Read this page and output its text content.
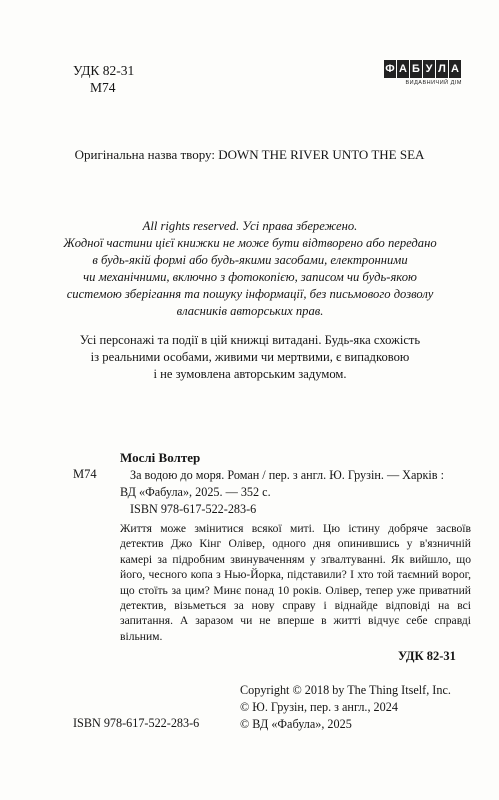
УДК 82-31
М74
Ф А Б У Л А
ВИДАВНИЧИЙ ДІМ
Оригінальна назва твору: DOWN THE RIVER UNTO THE SEA
All rights reserved. Усі права збережено.
Жодної частини цієї книжки не може бути відтворено або передано
в будь-якій формі або будь-якими засобами, електронними
чи механічними, включно з фотокопією, записом чи будь-якою
системою зберігання та пошуку інформації, без письмового дозволу
власників авторських прав.
Усі персонажі та події в цій книжці витадані. Будь-яка схожість
із реальними особами, живими чи мертвими, є випадковою
і не зумовлена авторським задумом.
Мослі Волтер
М74	За водою до моря. Роман / пер. з англ. Ю. Грузін. — Харків :

ВД «Фабула», 2025. — 352 с.

ISBN 978-617-522-283-6

Життя може змінитися всякої миті. Цю істину добряче засвоїв детектив Джо Кінг Олівер, одного дня опинившись у в'язничній камері за підробним звинуваченням у зґвалтуванні. Як вийшло, що його, чесного копа з Нью-Йорка, підставили? І хто той таємний ворог, що стоїть за цим? Минє понад 10 років. Олівер, тепер уже приватний детектив, візьметься за нову справу і віднайде відповіді на всі запитання. А заразом чи не вперше в житті відчує себе справді вільним.
УДК 82-31
Copyright © 2018 by The Thing Itself, Inc.
© Ю. Грузін, пер. з англ., 2024
© ВД «Фабула», 2025
ISBN 978-617-522-283-6
